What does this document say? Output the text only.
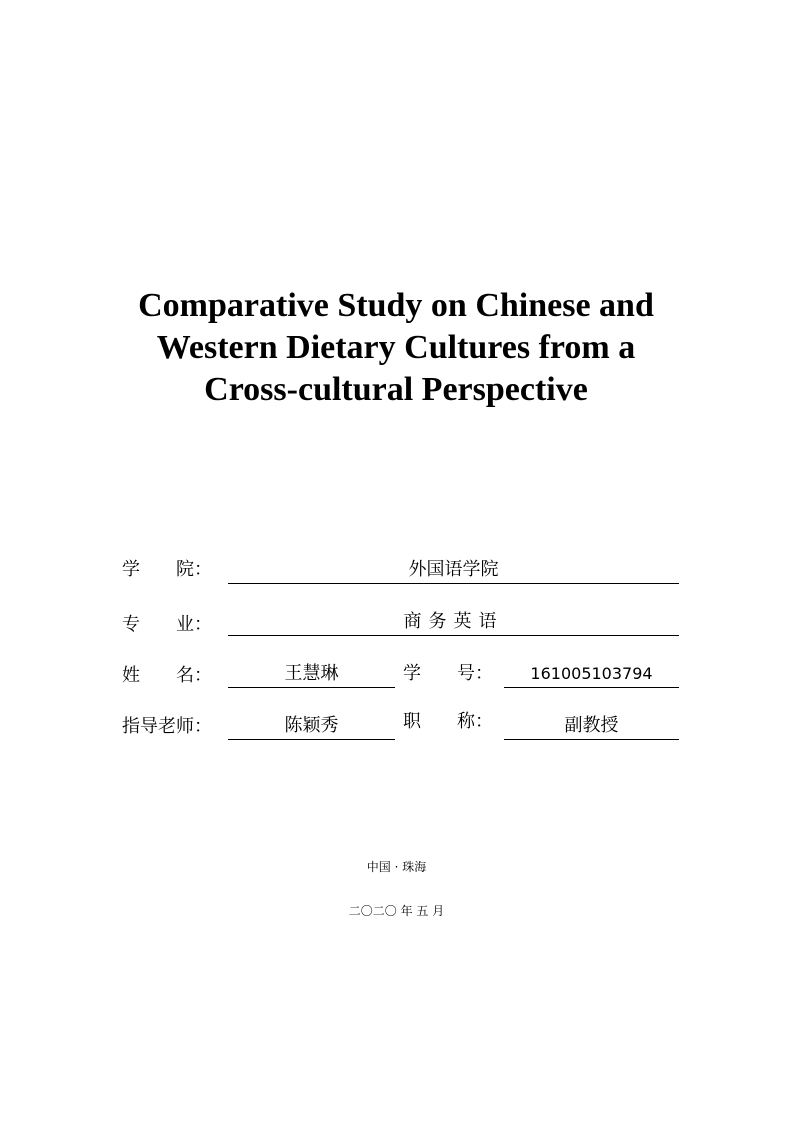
Comparative Study on Chinese and
Western Dietary Cultures from a
Cross-cultural Perspective
学　　院：	外国语学院
专　　业：	商务英语
姓　　名：	王慧琳	学　　号：	161005103794
指导老师：	陈颖秀	职　　称：	副教授
中国 · 珠海
二〇二〇 年 五 月
